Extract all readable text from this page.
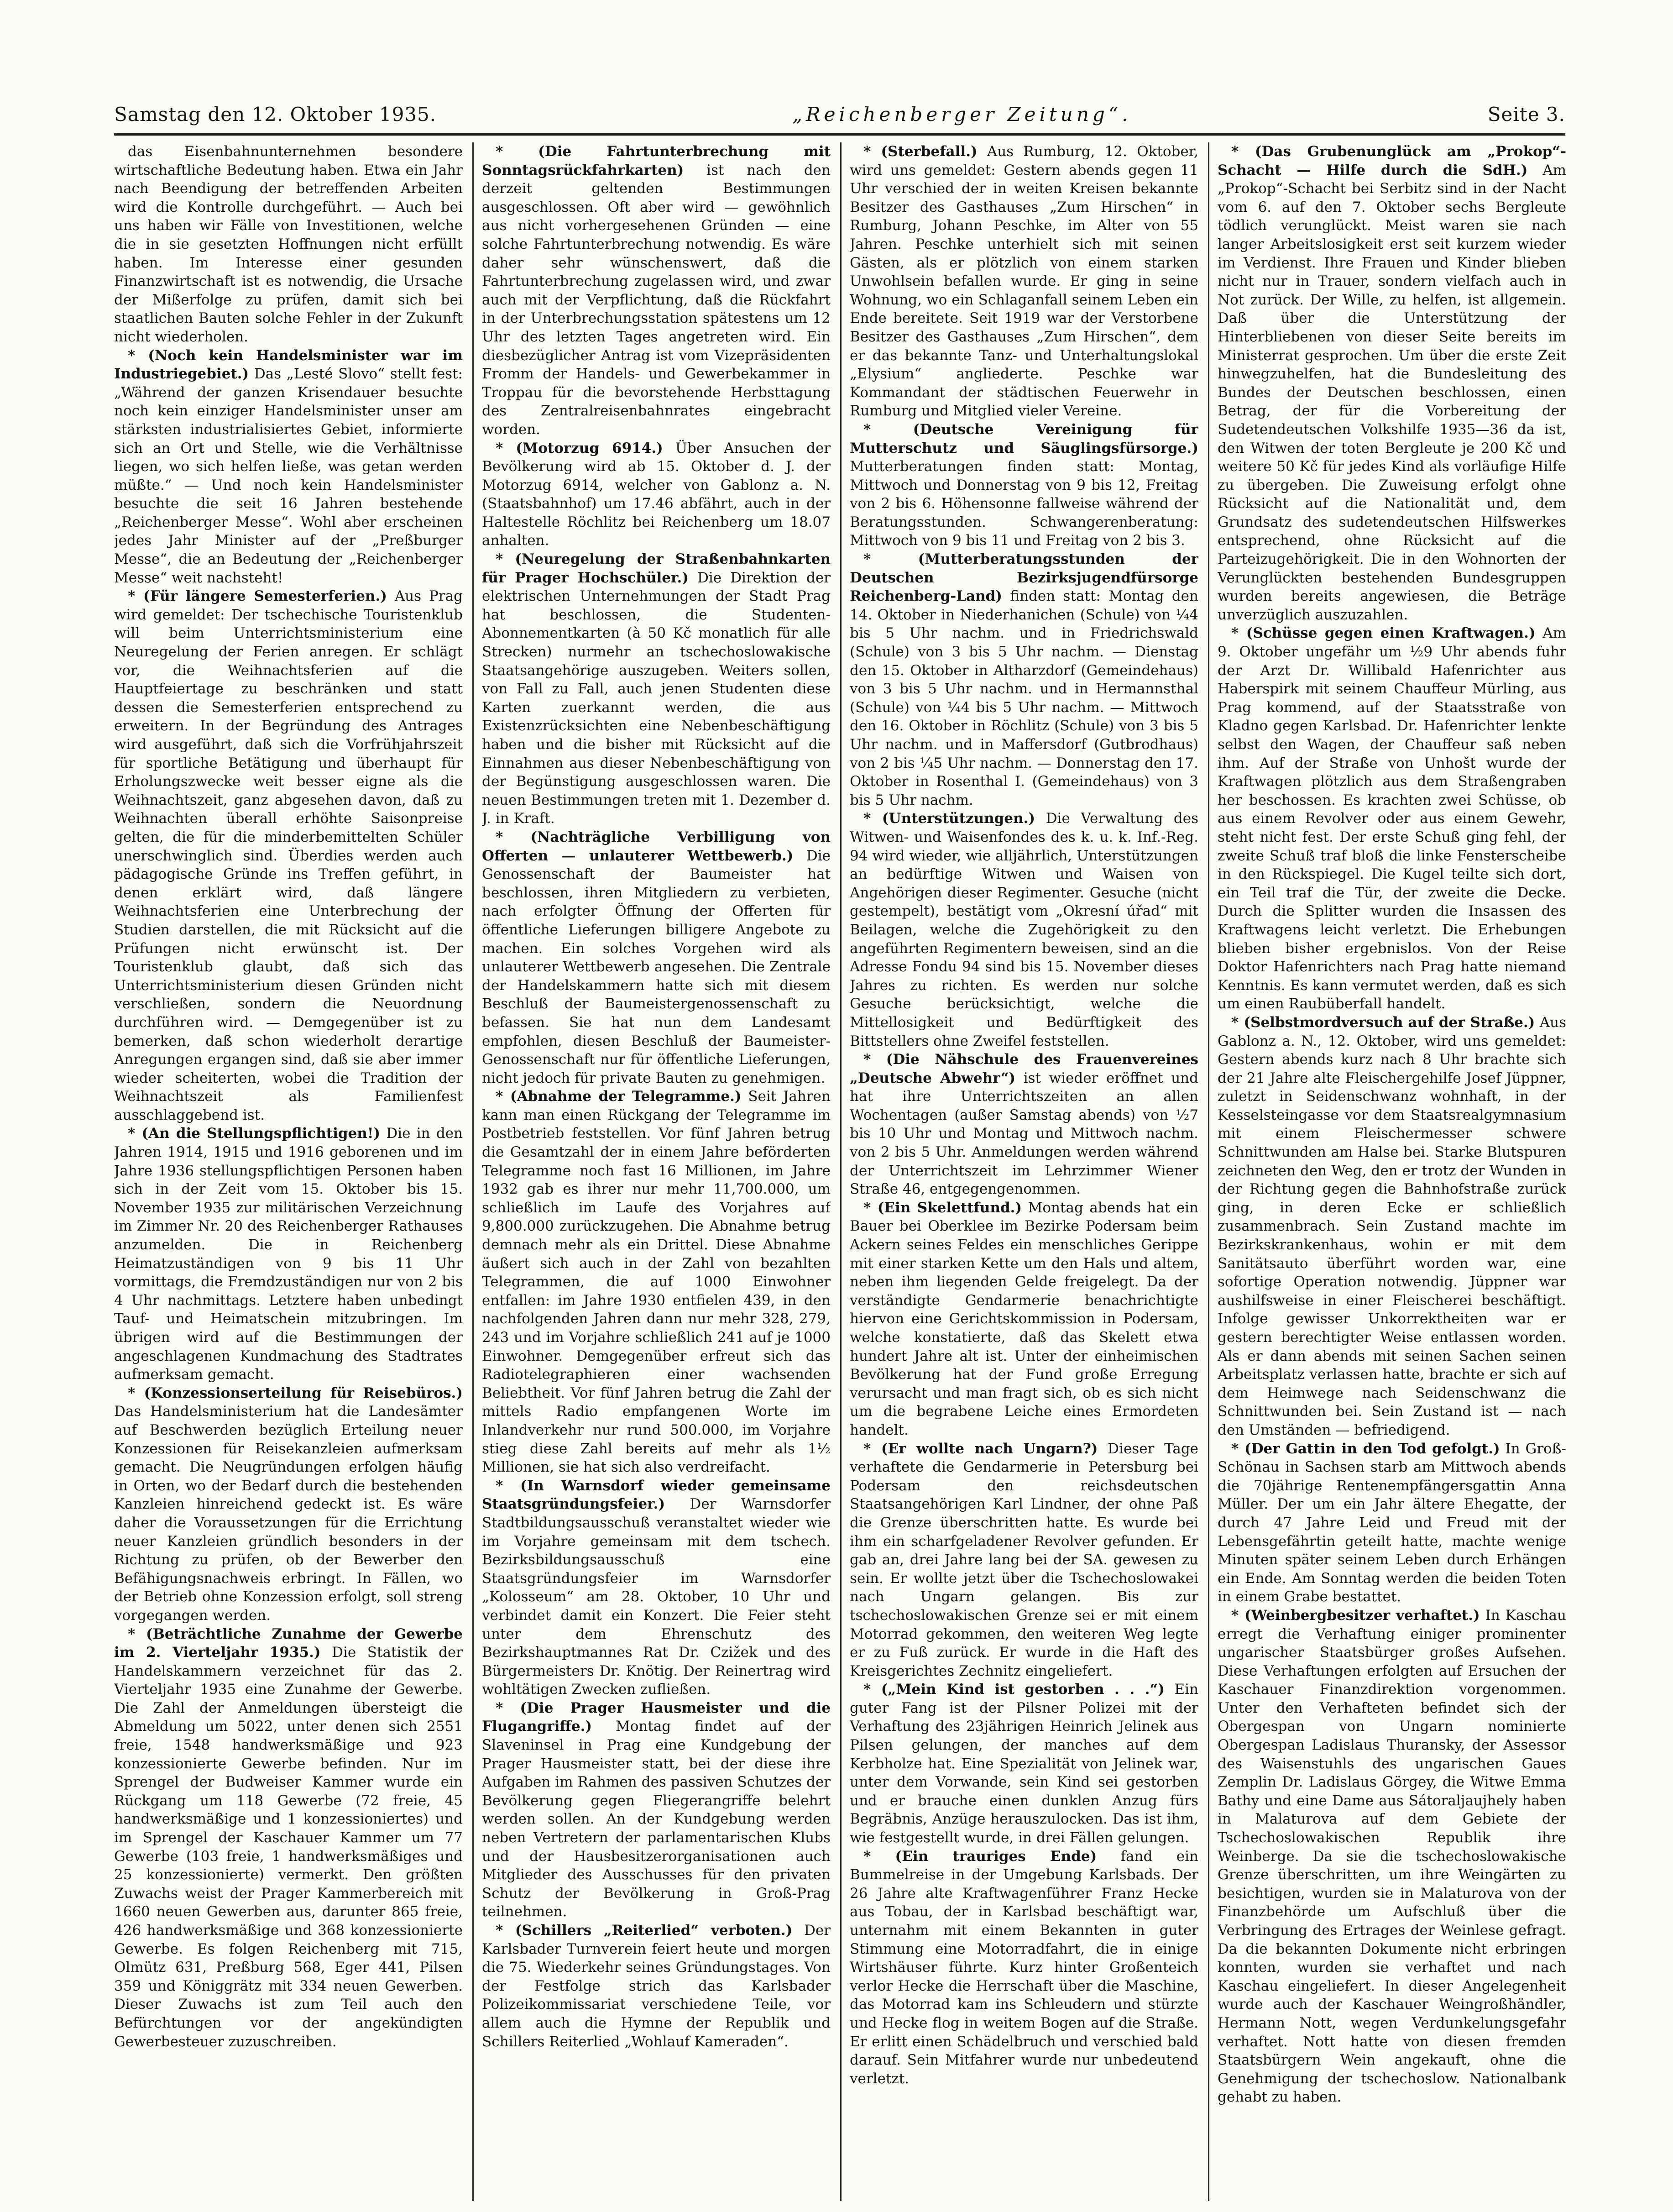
Samstag den 12. Oktober 1935.	„Reichenberger Zeitung“.	Seite 3.

das Eisenbahnunternehmen besondere wirtschaftliche Bedeutung haben. Etwa ein Jahr nach Beendigung der betreffenden Arbeiten wird die Kontrolle durchgeführt. — Auch bei uns haben wir Fälle von Investitionen, welche die in sie gesetzten Hoffnungen nicht erfüllt haben. Im Interesse einer gesunden Finanzwirtschaft ist es notwendig, die Ursache der Mißerfolge zu prüfen, damit sich bei staatlichen Bauten solche Fehler in der Zukunft nicht wiederholen.

* (Noch kein Handelsminister war im Industriegebiet.) Das „Lesté Slovo“ stellt fest: „Während der ganzen Krisendauer besuchte noch kein einziger Handelsminister unser am stärksten industrialisiertes Gebiet, informierte sich an Ort und Stelle, wie die Verhältnisse liegen, wo sich helfen ließe, was getan werden müßte.“ — Und noch kein Handelsminister besuchte die seit 16 Jahren bestehende „Reichenberger Messe“. Wohl aber erscheinen jedes Jahr Minister auf der „Preßburger Messe“, die an Bedeutung der „Reichenberger Messe“ weit nachsteht!

* (Für längere Semesterferien.) Aus Prag wird gemeldet: Der tschechische Touristenklub will beim Unterrichtsministerium eine Neuregelung der Ferien anregen. Er schlägt vor, die Weihnachtsferien auf die Hauptfeiertage zu beschränken und statt dessen die Semesterferien entsprechend zu erweitern. In der Begründung des Antrages wird ausgeführt, daß sich die Vorfrühjahrszeit für sportliche Betätigung und überhaupt für Erholungszwecke weit besser eigne als die Weihnachtszeit, ganz abgesehen davon, daß zu Weihnachten überall erhöhte Saisonpreise gelten, die für die minderbemittelten Schüler unerschwinglich sind. Überdies werden auch pädagogische Gründe ins Treffen geführt, in denen erklärt wird, daß längere Weihnachtsferien eine Unterbrechung der Studien darstellen, die mit Rücksicht auf die Prüfungen nicht erwünscht ist. Der Touristenklub glaubt, daß sich das Unterrichtsministerium diesen Gründen nicht verschließen, sondern die Neuordnung durchführen wird. — Demgegenüber ist zu bemerken, daß schon wiederholt derartige Anregungen ergangen sind, daß sie aber immer wieder scheiterten, wobei die Tradition der Weihnachtszeit als Familienfest ausschlaggebend ist.

* (An die Stellungspflichtigen!) Die in den Jahren 1914, 1915 und 1916 geborenen und im Jahre 1936 stellungspflichtigen Personen haben sich in der Zeit vom 15. Oktober bis 15. November 1935 zur militärischen Verzeichnung im Zimmer Nr. 20 des Reichenberger Rathauses anzumelden. Die in Reichenberg Heimatzuständigen von 9 bis 11 Uhr vormittags, die Fremdzuständigen nur von 2 bis 4 Uhr nachmittags. Letztere haben unbedingt Tauf- und Heimatschein mitzubringen. Im übrigen wird auf die Bestimmungen der angeschlagenen Kundmachung des Stadtrates aufmerksam gemacht.

* (Konzessionserteilung für Reisebüros.) Das Handelsministerium hat die Landesämter auf Beschwerden bezüglich Erteilung neuer Konzessionen für Reisekanzleien aufmerksam gemacht. Die Neugründungen erfolgen häufig in Orten, wo der Bedarf durch die bestehenden Kanzleien hinreichend gedeckt ist. Es wäre daher die Voraussetzungen für die Errichtung neuer Kanzleien gründlich besonders in der Richtung zu prüfen, ob der Bewerber den Befähigungsnachweis erbringt. In Fällen, wo der Betrieb ohne Konzession erfolgt, soll streng vorgegangen werden.

* (Beträchtliche Zunahme der Gewerbe im 2. Vierteljahr 1935.) Die Statistik der Handelskammern verzeichnet für das 2. Vierteljahr 1935 eine Zunahme der Gewerbe. Die Zahl der Anmeldungen übersteigt die Abmeldung um 5022, unter denen sich 2551 freie, 1548 handwerksmäßige und 923 konzessionierte Gewerbe befinden. Nur im Sprengel der Budweiser Kammer wurde ein Rückgang um 118 Gewerbe (72 freie, 45 handwerksmäßige und 1 konzessioniertes) und im Sprengel der Kaschauer Kammer um 77 Gewerbe (103 freie, 1 handwerksmäßiges und 25 konzessionierte) vermerkt. Den größten Zuwachs weist der Prager Kammerbereich mit 1660 neuen Gewerben aus, darunter 865 freie, 426 handwerksmäßige und 368 konzessionierte Gewerbe. Es folgen Reichenberg mit 715, Olmütz 631, Preßburg 568, Eger 441, Pilsen 359 und Königgrätz mit 334 neuen Gewerben. Dieser Zuwachs ist zum Teil auch den Befürchtungen vor der angekündigten Gewerbesteuer zuzuschreiben.

* (Die Fahrtunterbrechung mit Sonntagsrückfahrkarten) ist nach den derzeit geltenden Bestimmungen ausgeschlossen. Oft aber wird — gewöhnlich aus nicht vorhergesehenen Gründen — eine solche Fahrtunterbrechung notwendig. Es wäre daher sehr wünschenswert, daß die Fahrtunterbrechung zugelassen wird, und zwar auch mit der Verpflichtung, daß die Rückfahrt in der Unterbrechungsstation spätestens um 12 Uhr des letzten Tages angetreten wird. Ein diesbezüglicher Antrag ist vom Vizepräsidenten Fromm der Handels- und Gewerbekammer in Troppau für die bevorstehende Herbsttagung des Zentralreisenbahnrates eingebracht worden.

* (Motorzug 6914.) Über Ansuchen der Bevölkerung wird ab 15. Oktober d. J. der Motorzug 6914, welcher von Gablonz a. N. (Staatsbahnhof) um 17.46 abfährt, auch in der Haltestelle Röchlitz bei Reichenberg um 18.07 anhalten.

* (Neuregelung der Straßenbahnkarten für Prager Hochschüler.) Die Direktion der elektrischen Unternehmungen der Stadt Prag hat beschlossen, die Studenten-Abonnementkarten (à 50 Kč monatlich für alle Strecken) nurmehr an tschechoslowakische Staatsangehörige auszugeben. Weiters sollen, von Fall zu Fall, auch jenen Studenten diese Karten zuerkannt werden, die aus Existenzrücksichten eine Nebenbeschäftigung haben und die bisher mit Rücksicht auf die Einnahmen aus dieser Nebenbeschäftigung von der Begünstigung ausgeschlossen waren. Die neuen Bestimmungen treten mit 1. Dezember d. J. in Kraft.

* (Nachträgliche Verbilligung von Offerten — unlauterer Wettbewerb.) Die Genossenschaft der Baumeister hat beschlossen, ihren Mitgliedern zu verbieten, nach erfolgter Öffnung der Offerten für öffentliche Lieferungen billigere Angebote zu machen. Ein solches Vorgehen wird als unlauterer Wettbewerb angesehen. Die Zentrale der Handelskammern hatte sich mit diesem Beschluß der Baumeistergenossenschaft zu befassen. Sie hat nun dem Landesamt empfohlen, diesen Beschluß der Baumeister-Genossenschaft nur für öffentliche Lieferungen, nicht jedoch für private Bauten zu genehmigen.

* (Abnahme der Telegramme.) Seit Jahren kann man einen Rückgang der Telegramme im Postbetrieb feststellen. Vor fünf Jahren betrug die Gesamtzahl der in einem Jahre beförderten Telegramme noch fast 16 Millionen, im Jahre 1932 gab es ihrer nur mehr 11,700.000, um schließlich im Laufe des Vorjahres auf 9,800.000 zurückzugehen. Die Abnahme betrug demnach mehr als ein Drittel. Diese Abnahme äußert sich auch in der Zahl von bezahlten Telegrammen, die auf 1000 Einwohner entfallen: im Jahre 1930 entfielen 439, in den nachfolgenden Jahren dann nur mehr 328, 279, 243 und im Vorjahre schließlich 241 auf je 1000 Einwohner. Demgegenüber erfreut sich das Radiotelegraphieren einer wachsenden Beliebtheit. Vor fünf Jahren betrug die Zahl der mittels Radio empfangenen Worte im Inlandverkehr nur rund 500.000, im Vorjahre stieg diese Zahl bereits auf mehr als 1½ Millionen, sie hat sich also verdreifacht.

* (In Warnsdorf wieder gemeinsame Staatsgründungsfeier.) Der Warnsdorfer Stadtbildungsausschuß veranstaltet wieder wie im Vorjahre gemeinsam mit dem tschech. Bezirksbildungsausschuß eine Staatsgründungsfeier im Warnsdorfer „Kolosseum“ am 28. Oktober, 10 Uhr und verbindet damit ein Konzert. Die Feier steht unter dem Ehrenschutz des Bezirkshauptmannes Rat Dr. Czižek und des Bürgermeisters Dr. Knötig. Der Reinertrag wird wohltätigen Zwecken zufließen.

* (Die Prager Hausmeister und die Flugangriffe.) Montag findet auf der Slaveninsel in Prag eine Kundgebung der Prager Hausmeister statt, bei der diese ihre Aufgaben im Rahmen des passiven Schutzes der Bevölkerung gegen Fliegerangriffe belehrt werden sollen. An der Kundgebung werden neben Vertretern der parlamentarischen Klubs und der Hausbesitzerorganisationen auch Mitglieder des Ausschusses für den privaten Schutz der Bevölkerung in Groß-Prag teilnehmen.

* (Schillers „Reiterlied“ verboten.) Der Karlsbader Turnverein feiert heute und morgen die 75. Wiederkehr seines Gründungstages. Von der Festfolge strich das Karlsbader Polizeikommissariat verschiedene Teile, vor allem auch die Hymne der Republik und Schillers Reiterlied „Wohlauf Kameraden“.

* (Sterbefall.) Aus Rumburg, 12. Oktober, wird uns gemeldet: Gestern abends gegen 11 Uhr verschied der in weiten Kreisen bekannte Besitzer des Gasthauses „Zum Hirschen“ in Rumburg, Johann Peschke, im Alter von 55 Jahren. Peschke unterhielt sich mit seinen Gästen, als er plötzlich von einem starken Unwohlsein befallen wurde. Er ging in seine Wohnung, wo ein Schlaganfall seinem Leben ein Ende bereitete. Seit 1919 war der Verstorbene Besitzer des Gasthauses „Zum Hirschen“, dem er das bekannte Tanz- und Unterhaltungslokal „Elysium“ angliederte. Peschke war Kommandant der städtischen Feuerwehr in Rumburg und Mitglied vieler Vereine.

* (Deutsche Vereinigung für Mutterschutz und Säuglingsfürsorge.) Mutterberatungen finden statt: Montag, Mittwoch und Donnerstag von 9 bis 12, Freitag von 2 bis 6. Höhensonne fallweise während der Beratungsstunden. Schwangerenberatung: Mittwoch von 9 bis 11 und Freitag von 2 bis 3.

* (Mutterberatungsstunden der Deutschen Bezirksjugendfürsorge Reichenberg-Land) finden statt: Montag den 14. Oktober in Niederhanichen (Schule) von ¼4 bis 5 Uhr nachm. und in Friedrichswald (Schule) von 3 bis 5 Uhr nachm. — Dienstag den 15. Oktober in Altharzdorf (Gemeindehaus) von 3 bis 5 Uhr nachm. und in Hermannsthal (Schule) von ¼4 bis 5 Uhr nachm. — Mittwoch den 16. Oktober in Röchlitz (Schule) von 3 bis 5 Uhr nachm. und in Maffersdorf (Gutbrodhaus) von 2 bis ¼5 Uhr nachm. — Donnerstag den 17. Oktober in Rosenthal I. (Gemeindehaus) von 3 bis 5 Uhr nachm.

* (Unterstützungen.) Die Verwaltung des Witwen- und Waisenfondes des k. u. k. Inf.-Reg. 94 wird wieder, wie alljährlich, Unterstützungen an bedürftige Witwen und Waisen von Angehörigen dieser Regimenter. Gesuche (nicht gestempelt), bestätigt vom „Okresní úřad“ mit Beilagen, welche die Zugehörigkeit zu den angeführten Regimentern beweisen, sind an die Adresse Fondu 94 sind bis 15. November dieses Jahres zu richten. Es werden nur solche Gesuche berücksichtigt, welche die Mittellosigkeit und Bedürftigkeit des Bittstellers ohne Zweifel feststellen.

* (Die Nähschule des Frauenvereines „Deutsche Abwehr“) ist wieder eröffnet und hat ihre Unterrichtszeiten an allen Wochentagen (außer Samstag abends) von ½7 bis 10 Uhr und Montag und Mittwoch nachm. von 2 bis 5 Uhr. Anmeldungen werden während der Unterrichtszeit im Lehrzimmer Wiener Straße 46, entgegengenommen.

* (Ein Skelettfund.) Montag abends hat ein Bauer bei Oberklee im Bezirke Podersam beim Ackern seines Feldes ein menschliches Gerippe mit einer starken Kette um den Hals und altem, neben ihm liegenden Gelde freigelegt. Da der verständigte Gendarmerie benachrichtigte hiervon eine Gerichtskommission in Podersam, welche konstatierte, daß das Skelett etwa hundert Jahre alt ist. Unter der einheimischen Bevölkerung hat der Fund große Erregung verursacht und man fragt sich, ob es sich nicht um die begrabene Leiche eines Ermordeten handelt.

* (Er wollte nach Ungarn?) Dieser Tage verhaftete die Gendarmerie in Petersburg bei Podersam den reichsdeutschen Staatsangehörigen Karl Lindner, der ohne Paß die Grenze überschritten hatte. Es wurde bei ihm ein scharfgeladener Revolver gefunden. Er gab an, drei Jahre lang bei der SA. gewesen zu sein. Er wollte jetzt über die Tschechoslowakei nach Ungarn gelangen. Bis zur tschechoslowakischen Grenze sei er mit einem Motorrad gekommen, den weiteren Weg legte er zu Fuß zurück. Er wurde in die Haft des Kreisgerichtes Zechnitz eingeliefert.

* („Mein Kind ist gestorben . . .“) Ein guter Fang ist der Pilsner Polizei mit der Verhaftung des 23jährigen Heinrich Jelinek aus Pilsen gelungen, der manches auf dem Kerbholze hat. Eine Spezialität von Jelinek war, unter dem Vorwande, sein Kind sei gestorben und er brauche einen dunklen Anzug fürs Begräbnis, Anzüge herauszulocken. Das ist ihm, wie festgestellt wurde, in drei Fällen gelungen.

* (Ein trauriges Ende) fand ein Bummelreise in der Umgebung Karlsbads. Der 26 Jahre alte Kraftwagenführer Franz Hecke aus Tobau, der in Karlsbad beschäftigt war, unternahm mit einem Bekannten in guter Stimmung eine Motorradfahrt, die in einige Wirtshäuser führte. Kurz hinter Großenteich verlor Hecke die Herrschaft über die Maschine, das Motorrad kam ins Schleudern und stürzte und Hecke flog in weitem Bogen auf die Straße. Er erlitt einen Schädelbruch und verschied bald darauf. Sein Mitfahrer wurde nur unbedeutend verletzt.

* (Das Grubenunglück am „Prokop“-Schacht — Hilfe durch die SdH.) Am „Prokop“-Schacht bei Serbitz sind in der Nacht vom 6. auf den 7. Oktober sechs Bergleute tödlich verunglückt. Meist waren sie nach langer Arbeitslosigkeit erst seit kurzem wieder im Verdienst. Ihre Frauen und Kinder blieben nicht nur in Trauer, sondern vielfach auch in Not zurück. Der Wille, zu helfen, ist allgemein. Daß über die Unterstützung der Hinterbliebenen von dieser Seite bereits im Ministerrat gesprochen. Um über die erste Zeit hinwegzuhelfen, hat die Bundesleitung des Bundes der Deutschen beschlossen, einen Betrag, der für die Vorbereitung der Sudetendeutschen Volkshilfe 1935—36 da ist, den Witwen der toten Bergleute je 200 Kč und weitere 50 Kč für jedes Kind als vorläufige Hilfe zu übergeben. Die Zuweisung erfolgt ohne Rücksicht auf die Nationalität und, dem Grundsatz des sudetendeutschen Hilfswerkes entsprechend, ohne Rücksicht auf die Parteizugehörigkeit. Die in den Wohnorten der Verunglückten bestehenden Bundesgruppen wurden bereits angewiesen, die Beträge unverzüglich auszuzahlen.

* (Schüsse gegen einen Kraftwagen.) Am 9. Oktober ungefähr um ½9 Uhr abends fuhr der Arzt Dr. Willibald Hafenrichter aus Haberspirk mit seinem Chauffeur Mürling, aus Prag kommend, auf der Staatsstraße von Kladno gegen Karlsbad. Dr. Hafenrichter lenkte selbst den Wagen, der Chauffeur saß neben ihm. Auf der Straße von Unhošt wurde der Kraftwagen plötzlich aus dem Straßengraben her beschossen. Es krachten zwei Schüsse, ob aus einem Revolver oder aus einem Gewehr, steht nicht fest. Der erste Schuß ging fehl, der zweite Schuß traf bloß die linke Fensterscheibe in den Rückspiegel. Die Kugel teilte sich dort, ein Teil traf die Tür, der zweite die Decke. Durch die Splitter wurden die Insassen des Kraftwagens leicht verletzt. Die Erhebungen blieben bisher ergebnislos. Von der Reise Doktor Hafenrichters nach Prag hatte niemand Kenntnis. Es kann vermutet werden, daß es sich um einen Raubüberfall handelt.

* (Selbstmordversuch auf der Straße.) Aus Gablonz a. N., 12. Oktober, wird uns gemeldet: Gestern abends kurz nach 8 Uhr brachte sich der 21 Jahre alte Fleischergehilfe Josef Jüppner, zuletzt in Seidenschwanz wohnhaft, in der Kesselsteingasse vor dem Staatsrealgymnasium mit einem Fleischermesser schwere Schnittwunden am Halse bei. Starke Blutspuren zeichneten den Weg, den er trotz der Wunden in der Richtung gegen die Bahnhofstraße zurück ging, in deren Ecke er schließlich zusammenbrach. Sein Zustand machte im Bezirkskrankenhaus, wohin er mit dem Sanitätsauto überführt worden war, eine sofortige Operation notwendig. Jüppner war aushilfsweise in einer Fleischerei beschäftigt. Infolge gewisser Unkorrektheiten war er gestern berechtigter Weise entlassen worden. Als er dann abends mit seinen Sachen seinen Arbeitsplatz verlassen hatte, brachte er sich auf dem Heimwege nach Seidenschwanz die Schnittwunden bei. Sein Zustand ist — nach den Umständen — befriedigend.

* (Der Gattin in den Tod gefolgt.) In Groß-Schönau in Sachsen starb am Mittwoch abends die 70jährige Rentenempfängersgattin Anna Müller. Der um ein Jahr ältere Ehegatte, der durch 47 Jahre Leid und Freud mit der Lebensgefährtin geteilt hatte, machte wenige Minuten später seinem Leben durch Erhängen ein Ende. Am Sonntag werden die beiden Toten in einem Grabe bestattet.

* (Weinbergbesitzer verhaftet.) In Kaschau erregt die Verhaftung einiger prominenter ungarischer Staatsbürger großes Aufsehen. Diese Verhaftungen erfolgten auf Ersuchen der Kaschauer Finanzdirektion vorgenommen. Unter den Verhafteten befindet sich der Obergespan von Ungarn nominierte Obergespan Ladislaus Thuransky, der Assessor des Waisenstuhls des ungarischen Gaues Zemplin Dr. Ladislaus Görgey, die Witwe Emma Bathy und eine Dame aus Sátoraljaujhely haben in Malaturova auf dem Gebiete der Tschechoslowakischen Republik ihre Weinberge. Da sie die tschechoslowakische Grenze überschritten, um ihre Weingärten zu besichtigen, wurden sie in Malaturova von der Finanzbehörde um Aufschluß über die Verbringung des Ertrages der Weinlese gefragt. Da die bekannten Dokumente nicht erbringen konnten, wurden sie verhaftet und nach Kaschau eingeliefert. In dieser Angelegenheit wurde auch der Kaschauer Weingroßhändler, Hermann Nott, wegen Verdunkelungsgefahr verhaftet. Nott hatte von diesen fremden Staatsbürgern Wein angekauft, ohne die Genehmigung der tschechoslow. Nationalbank gehabt zu haben.
